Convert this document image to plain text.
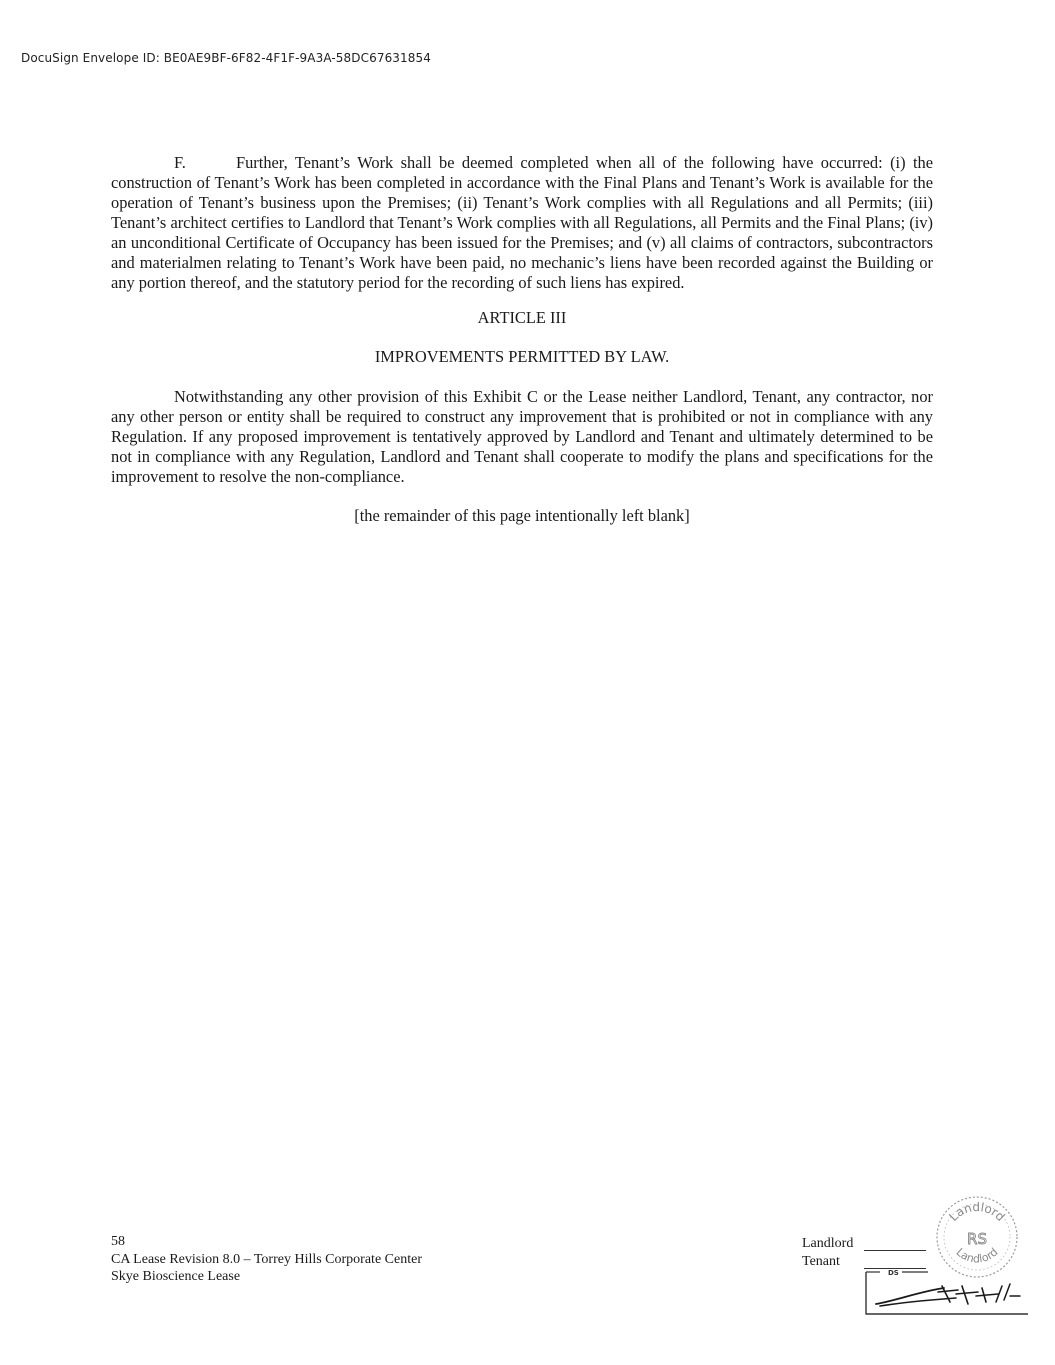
DocuSign Envelope ID: BE0AE9BF-6F82-4F1F-9A3A-58DC67631854

F.	Further, Tenant’s Work shall be deemed completed when all of the following have occurred: (i) the construction of Tenant’s Work has been completed in accordance with the Final Plans and Tenant’s Work is available for the operation of Tenant’s business upon the Premises; (ii) Tenant’s Work complies with all Regulations and all Permits; (iii) Tenant’s architect certifies to Landlord that Tenant’s Work complies with all Regulations, all Permits and the Final Plans; (iv) an unconditional Certificate of Occupancy has been issued for the Premises; and (v) all claims of contractors, subcontractors and materialmen relating to Tenant’s Work have been paid, no mechanic’s liens have been recorded against the Building or any portion thereof, and the statutory period for the recording of such liens has expired.

ARTICLE III

IMPROVEMENTS PERMITTED BY LAW.

Notwithstanding any other provision of this Exhibit C or the Lease neither Landlord, Tenant, any contractor, nor any other person or entity shall be required to construct any improvement that is prohibited or not in compliance with any Regulation. If any proposed improvement is tentatively approved by Landlord and Tenant and ultimately determined to be not in compliance with any Regulation, Landlord and Tenant shall cooperate to modify the plans and specifications for the improvement to resolve the non-compliance.

[the remainder of this page intentionally left blank]

58
CA Lease Revision 8.0 – Torrey Hills Corporate Center
Skye Bioscience Lease
Landlord
Tenant
Landlord
RS
Landlord
DS
